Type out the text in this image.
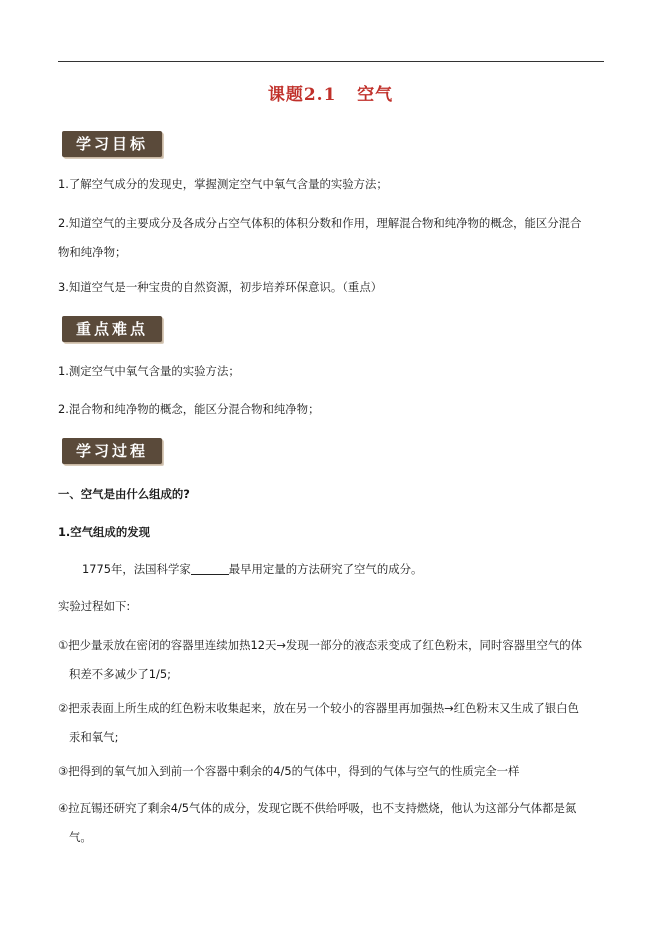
课题2.1   空气
学习目标
1.了解空气成分的发现史，掌握测定空气中氧气含量的实验方法；
2.知道空气的主要成分及各成分占空气体积的体积分数和作用，理解混合物和纯净物的概念，能区分混合
物和纯净物；
3.知道空气是一种宝贵的自然资源，初步培养环保意识。（重点）
重点难点
1.测定空气中氧气含量的实验方法；
2.混合物和纯净物的概念，能区分混合物和纯净物；
学习过程
一、空气是由什么组成的?
1.空气组成的发现
1775年，法国科学家	最早用定量的方法研究了空气的成分。
实验过程如下:
①把少量汞放在密闭的容器里连续加热12天→发现一部分的液态汞变成了红色粉末，同时容器里空气的体
积差不多减少了1/5;
②把汞表面上所生成的红色粉末收集起来，放在另一个较小的容器里再加强热→红色粉末又生成了银白色
汞和氧气;
③把得到的氧气加入到前一个容器中剩余的4/5的气体中，得到的气体与空气的性质完全一样
④拉瓦锡还研究了剩余4/5气体的成分，发现它既不供给呼吸，也不支持燃烧，他认为这部分气体都是氮
气。
